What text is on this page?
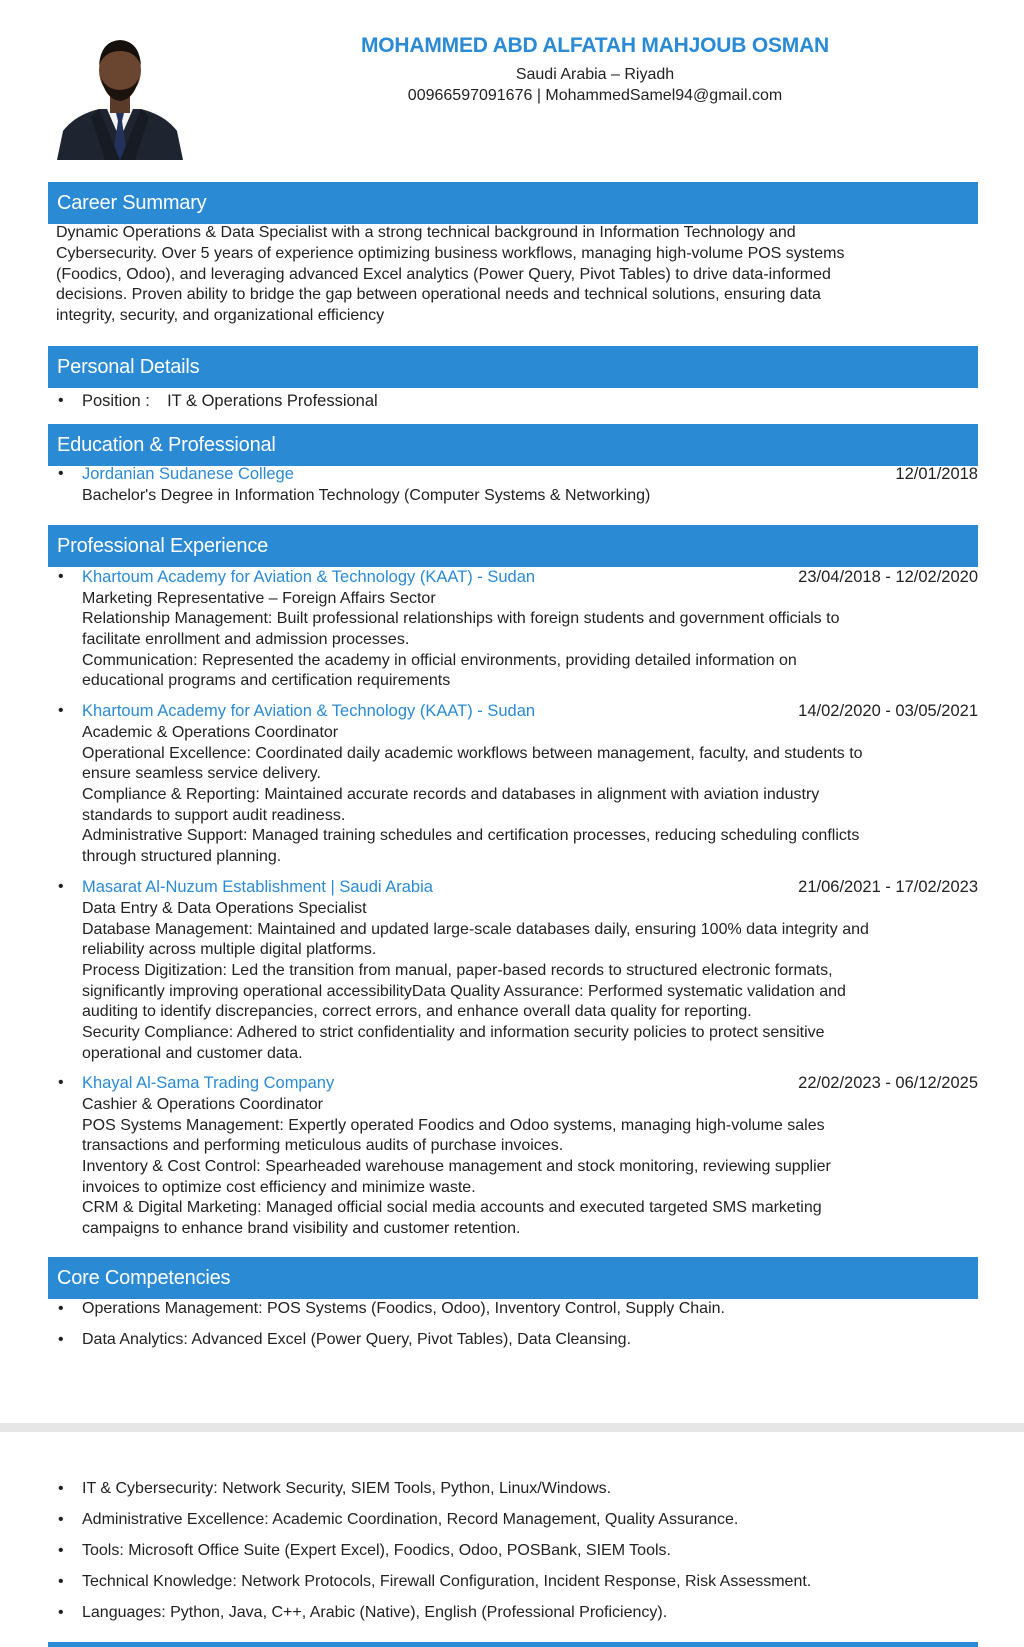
MOHAMMED ABD ALFATAH MAHJOUB OSMAN
Saudi Arabia – Riyadh
00966597091676 | MohammedSamel94@gmail.com
Career Summary
Dynamic Operations & Data Specialist with a strong technical background in Information Technology and
Cybersecurity. Over 5 years of experience optimizing business workflows, managing high-volume POS systems
(Foodics, Odoo), and leveraging advanced Excel analytics (Power Query, Pivot Tables) to drive data-informed
decisions. Proven ability to bridge the gap between operational needs and technical solutions, ensuring data
integrity, security, and organizational efficiency
Personal Details
• Position : IT & Operations Professional
Education & Professional
• Jordanian Sudanese College	12/01/2018
Bachelor's Degree in Information Technology (Computer Systems & Networking)
Professional Experience
• Khartoum Academy for Aviation & Technology (KAAT) - Sudan	23/04/2018 - 12/02/2020
Marketing Representative – Foreign Affairs Sector
Relationship Management: Built professional relationships with foreign students and government officials to
facilitate enrollment and admission processes.
Communication: Represented the academy in official environments, providing detailed information on
educational programs and certification requirements
• Khartoum Academy for Aviation & Technology (KAAT) - Sudan	14/02/2020 - 03/05/2021
Academic & Operations Coordinator
Operational Excellence: Coordinated daily academic workflows between management, faculty, and students to
ensure seamless service delivery.
Compliance & Reporting: Maintained accurate records and databases in alignment with aviation industry
standards to support audit readiness.
Administrative Support: Managed training schedules and certification processes, reducing scheduling conflicts
through structured planning.
• Masarat Al-Nuzum Establishment | Saudi Arabia	21/06/2021 - 17/02/2023
Data Entry & Data Operations Specialist
Database Management: Maintained and updated large-scale databases daily, ensuring 100% data integrity and
reliability across multiple digital platforms.
Process Digitization: Led the transition from manual, paper-based records to structured electronic formats,
significantly improving operational accessibilityData Quality Assurance: Performed systematic validation and
auditing to identify discrepancies, correct errors, and enhance overall data quality for reporting.
Security Compliance: Adhered to strict confidentiality and information security policies to protect sensitive
operational and customer data.
• Khayal Al-Sama Trading Company	22/02/2023 - 06/12/2025
Cashier & Operations Coordinator
POS Systems Management: Expertly operated Foodics and Odoo systems, managing high-volume sales
transactions and performing meticulous audits of purchase invoices.
Inventory & Cost Control: Spearheaded warehouse management and stock monitoring, reviewing supplier
invoices to optimize cost efficiency and minimize waste.
CRM & Digital Marketing: Managed official social media accounts and executed targeted SMS marketing
campaigns to enhance brand visibility and customer retention.
Core Competencies
• Operations Management: POS Systems (Foodics, Odoo), Inventory Control, Supply Chain.
• Data Analytics: Advanced Excel (Power Query, Pivot Tables), Data Cleansing.
• IT & Cybersecurity: Network Security, SIEM Tools, Python, Linux/Windows.
• Administrative Excellence: Academic Coordination, Record Management, Quality Assurance.
• Tools: Microsoft Office Suite (Expert Excel), Foodics, Odoo, POSBank, SIEM Tools.
• Technical Knowledge: Network Protocols, Firewall Configuration, Incident Response, Risk Assessment.
• Languages: Python, Java, C++, Arabic (Native), English (Professional Proficiency).
